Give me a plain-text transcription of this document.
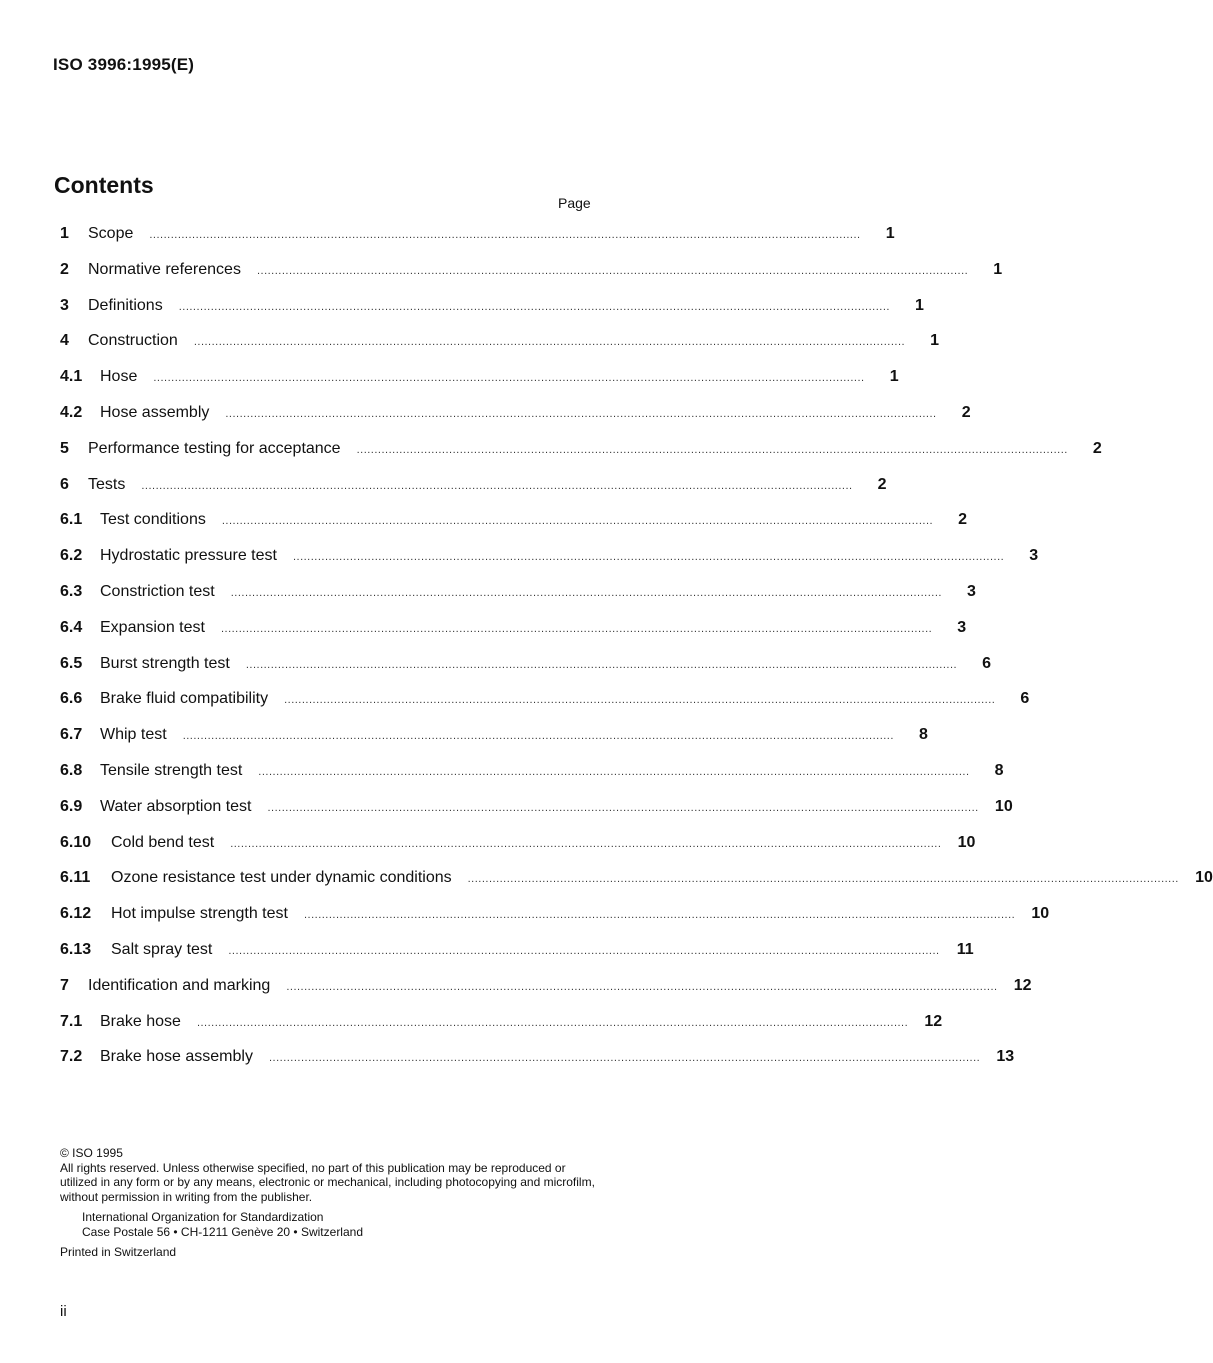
ISO 3996:1995(E)
Contents
Page
1	Scope	........................................................................................................................................................................................................	1
2	Normative references	........................................................................................................................................................................................................	1
3	Definitions	........................................................................................................................................................................................................	1
4	Construction	........................................................................................................................................................................................................	1
4.1	Hose	........................................................................................................................................................................................................	1
4.2	Hose assembly	........................................................................................................................................................................................................	2
5	Performance testing for acceptance	........................................................................................................................................................................................................	2
6	Tests	........................................................................................................................................................................................................	2
6.1	Test conditions	........................................................................................................................................................................................................	2
6.2	Hydrostatic pressure test	........................................................................................................................................................................................................	3
6.3	Constriction test	........................................................................................................................................................................................................	3
6.4	Expansion test	........................................................................................................................................................................................................	3
6.5	Burst strength test	........................................................................................................................................................................................................	6
6.6	Brake fluid compatibility	........................................................................................................................................................................................................	6
6.7	Whip test	........................................................................................................................................................................................................	8
6.8	Tensile strength test	........................................................................................................................................................................................................	8
6.9	Water absorption test	........................................................................................................................................................................................................	10
6.10	Cold bend test	........................................................................................................................................................................................................	10
6.11	Ozone resistance test under dynamic conditions	........................................................................................................................................................................................................	10
6.12	Hot impulse strength test	........................................................................................................................................................................................................	10
6.13	Salt spray test	........................................................................................................................................................................................................	11
7	Identification and marking	........................................................................................................................................................................................................	12
7.1	Brake hose	........................................................................................................................................................................................................	12
7.2	Brake hose assembly	........................................................................................................................................................................................................	13
© ISO 1995
All rights reserved. Unless otherwise specified, no part of this publication may be reproduced or utilized in any form or by any means, electronic or mechanical, including photocopying and microfilm, without permission in writing from the publisher.
International Organization for Standardization
Case Postale 56 • CH-1211 Genève 20 • Switzerland
Printed in Switzerland
ii
